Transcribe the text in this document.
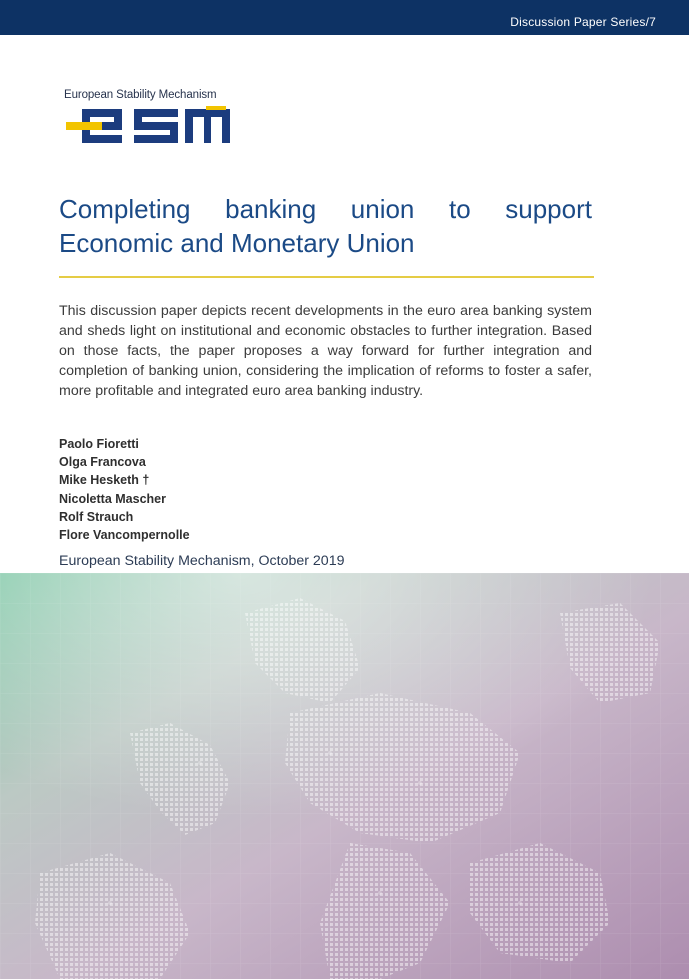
Discussion Paper Series/7
European Stability Mechanism
Completing banking union to support Economic and Monetary Union

This discussion paper depicts recent developments in the euro area banking system and sheds light on institutional and economic obstacles to further integration. Based on those facts, the paper proposes a way forward for further integration and completion of banking union, considering the implication of reforms to foster a safer, more profitable and integrated euro area banking industry.

Paolo Fioretti
Olga Francova
Mike Hesketh †
Nicoletta Mascher
Rolf Strauch
Flore Vancompernolle
European Stability Mechanism, October 2019
